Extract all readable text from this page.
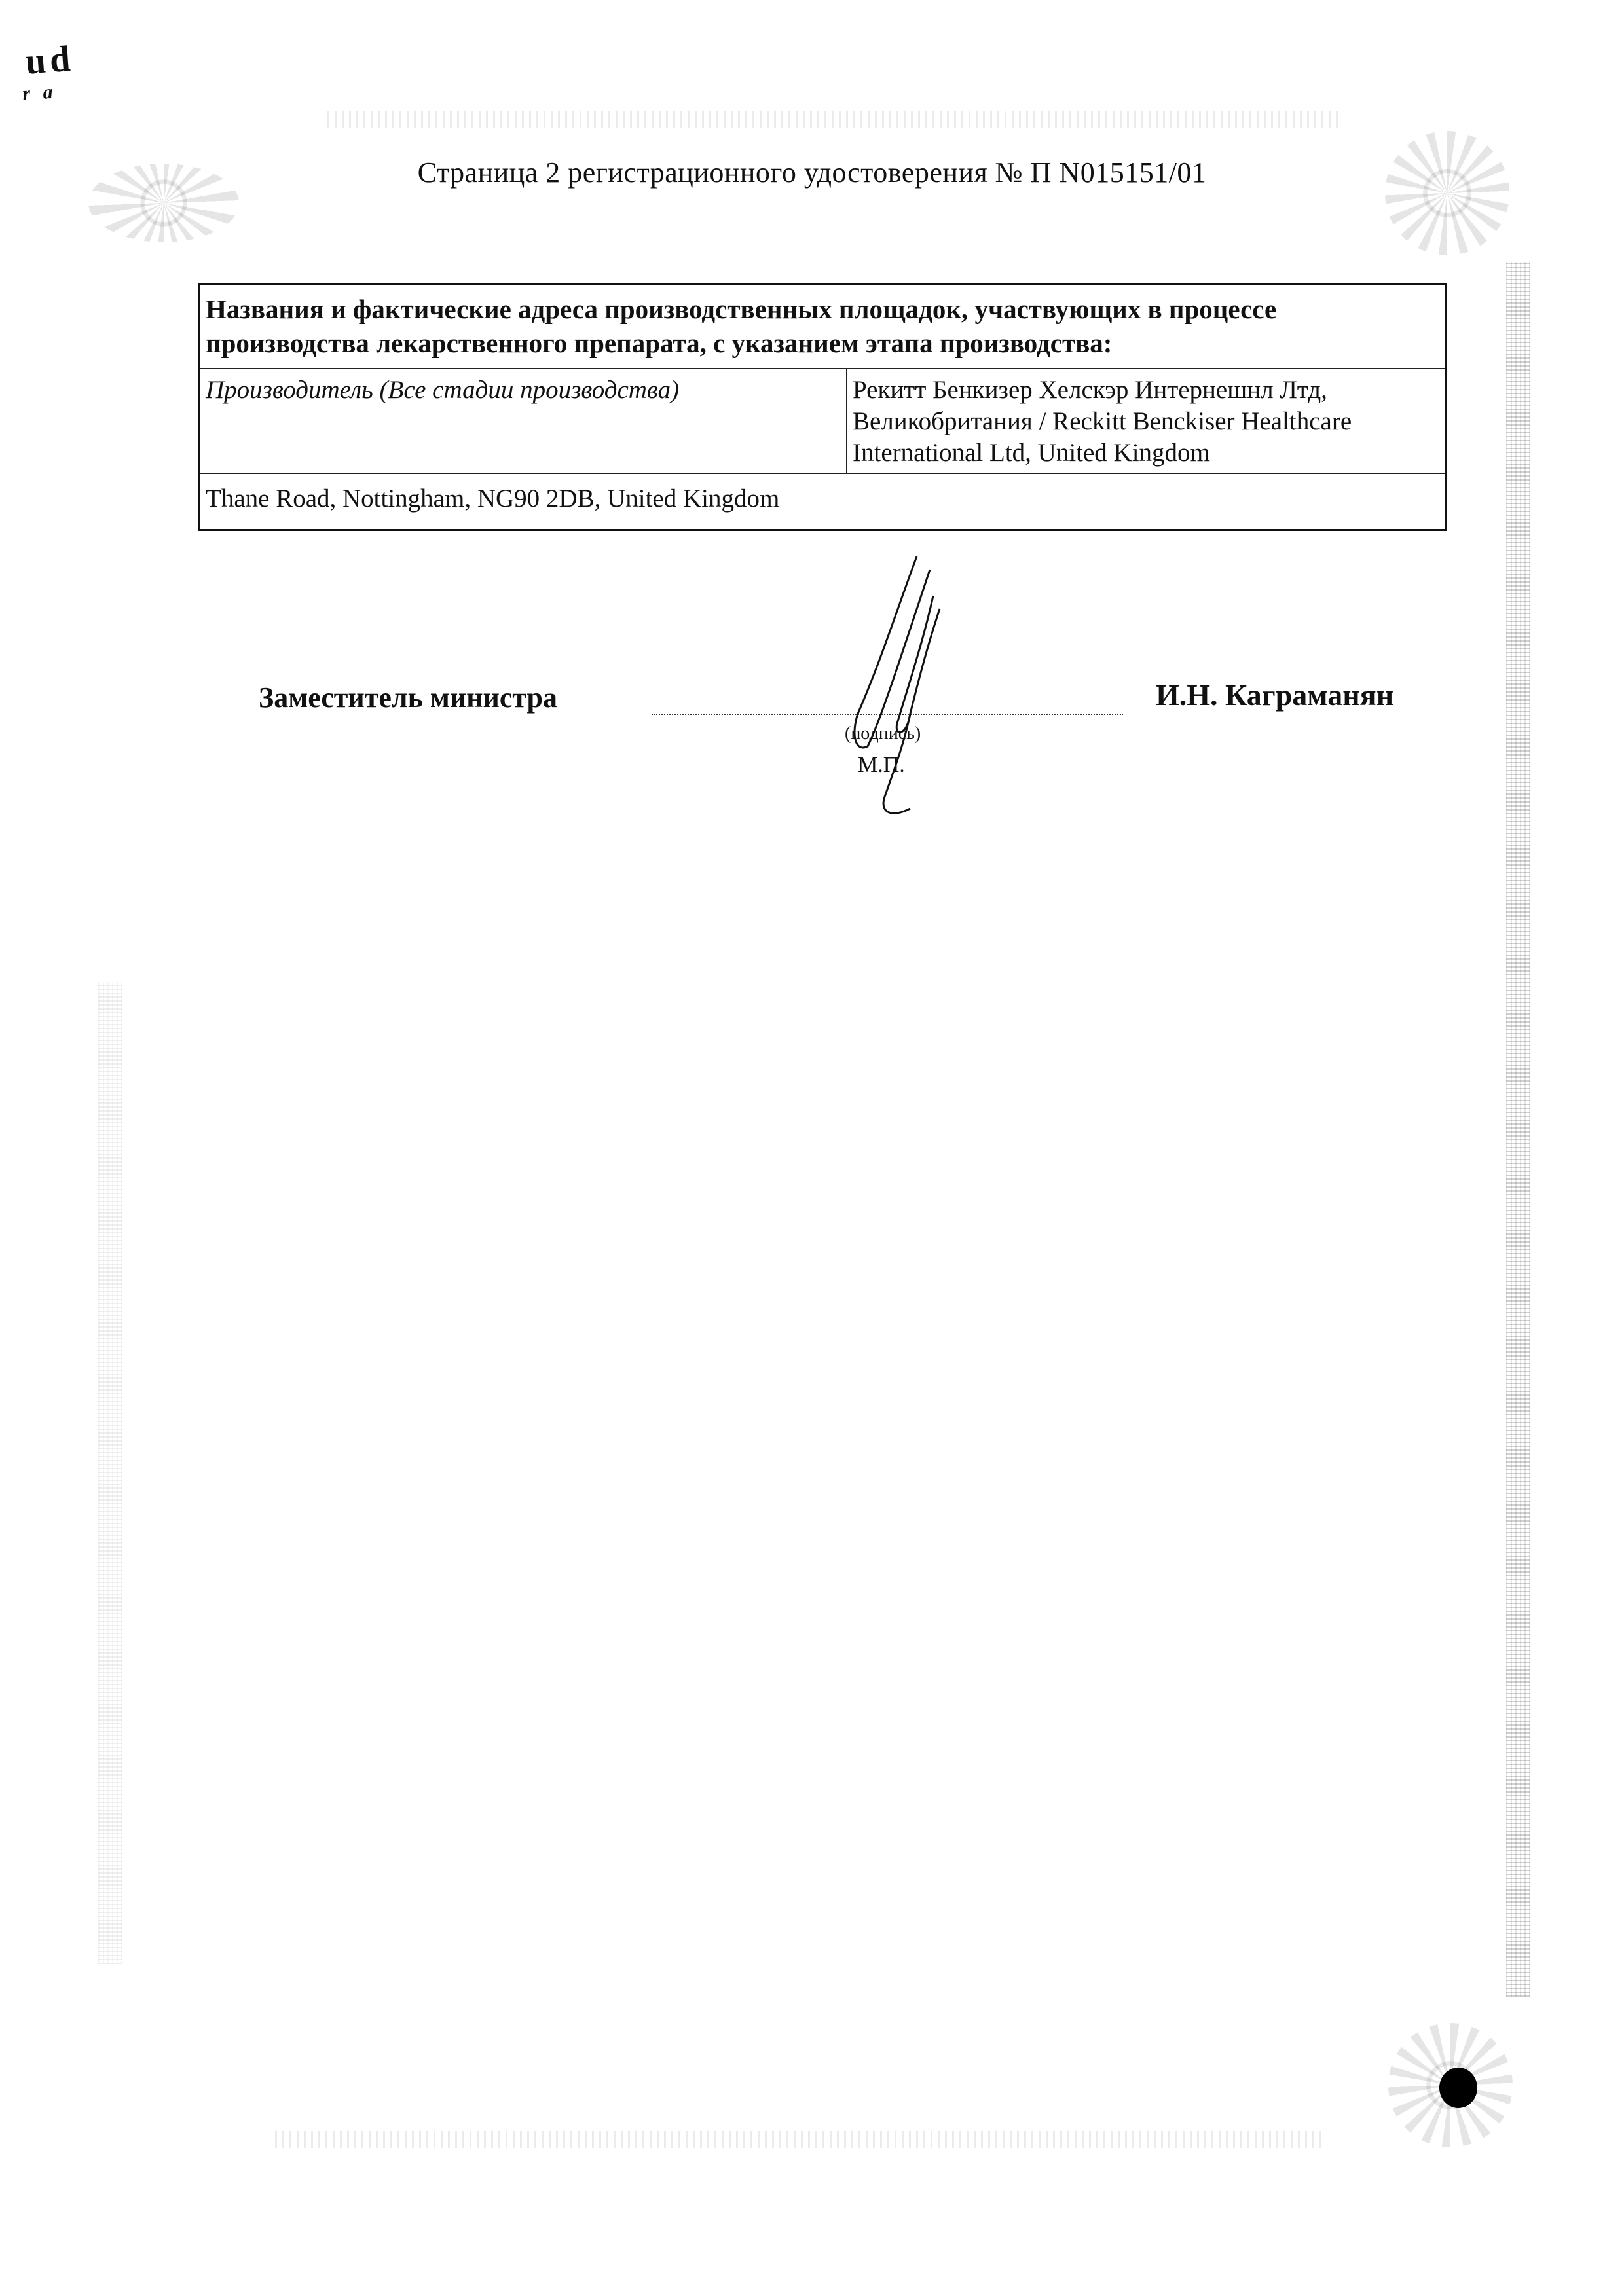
ud
r a
Страница 2 регистрационного удостоверения № П N015151/01
Названия и фактические адреса производственных площадок, участвующих в процессе производства лекарственного препарата, с указанием этапа производства:
Производитель (Все стадии производства)	Рекитт Бенкизер Хелскэр Интернешнл Лтд, Великобритания / Reckitt Benckiser Healthcare International Ltd, United Kingdom
Thane Road, Nottingham, NG90 2DB, United Kingdom
Заместитель министра	И.Н. Каграманян
(подпись)
М.П.
